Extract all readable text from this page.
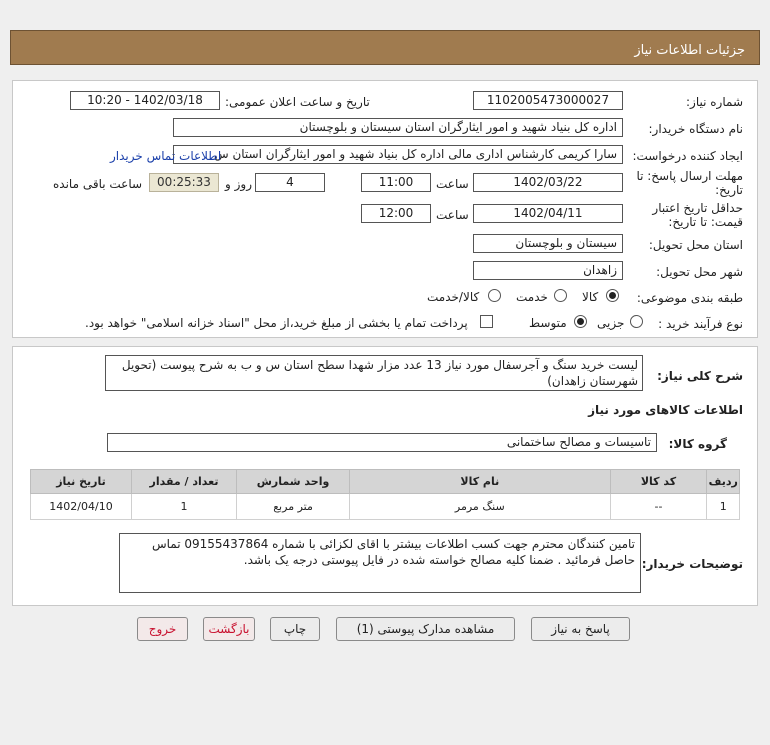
جزئیات اطلاعات نیاز
شماره نیاز:
1102005473000027
تاریخ و ساعت اعلان عمومی:
1402/03/18 - 10:20
نام دستگاه خریدار:
اداره کل بنیاد شهید و امور ایثارگران استان سیستان و بلوچستان
ایجاد کننده درخواست:
سارا کریمی کارشناس اداری مالی اداره کل بنیاد شهید و امور ایثارگران استان س
اطلاعات تماس خریدار
مهلت ارسال پاسخ: تا
تاریخ:
1402/03/22
ساعت
11:00
4
روز و
00:25:33
ساعت باقی مانده
حداقل تاریخ اعتبار
قیمت: تا تاریخ:
1402/04/11
ساعت
12:00
استان محل تحویل:
سیستان و بلوچستان
شهر محل تحویل:
زاهدان
طبقه بندی موضوعی:
کالا
خدمت
کالا/خدمت
نوع فرآیند خرید :
جزیی
متوسط
پرداخت تمام یا بخشی از مبلغ خرید،از محل "اسناد خزانه اسلامی" خواهد بود.
شرح کلی نیاز:
لیست خرید سنگ و آجرسفال مورد نیاز 13 عدد مزار شهدا سطح استان س و ب به شرح پیوست (تحویل شهرستان زاهدان)
اطلاعات کالاهای مورد نیاز
گروه کالا:
تاسیسات و مصالح ساختمانی
ردیف	کد کالا	نام کالا	واحد شمارش	تعداد / مقدار	تاریخ نیاز
1	--	سنگ مرمر	متر مربع	1	1402/04/10
توضیحات خریدار:
تامین کنندگان محترم جهت کسب اطلاعات بیشتر با اقای لکزائی با شماره 09155437864 تماس حاصل فرمائید . ضمنا کلیه مصالح خواسته شده در فایل پیوستی درجه یک باشد.
پاسخ به نیاز
مشاهده مدارک پیوستی (1)
چاپ
بازگشت
خروج
